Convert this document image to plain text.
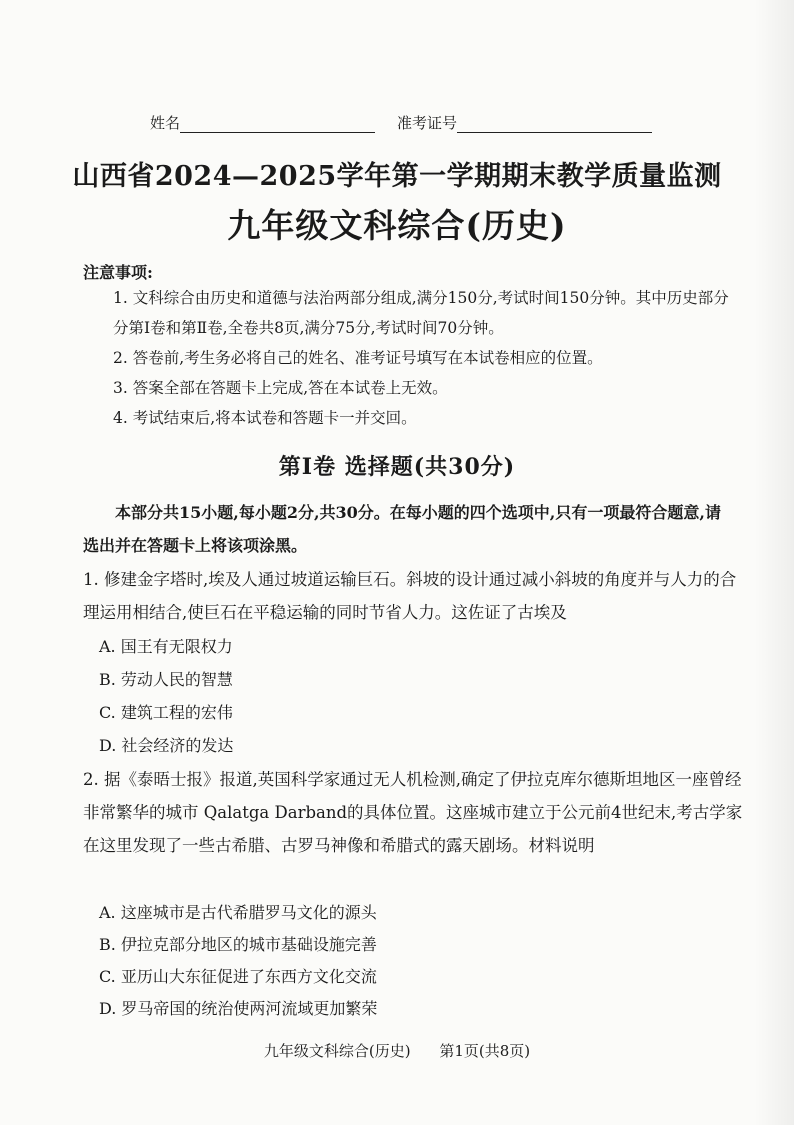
姓名	准考证号
山西省2024—2025学年第一学期期末教学质量监测
九年级文科综合(历史)
注意事项:
1. 文科综合由历史和道德与法治两部分组成,满分150分,考试时间150分钟。其中历史部分分第Ⅰ卷和第Ⅱ卷,全卷共8页,满分75分,考试时间70分钟。
2. 答卷前,考生务必将自己的姓名、准考证号填写在本试卷相应的位置。
3. 答案全部在答题卡上完成,答在本试卷上无效。
4. 考试结束后,将本试卷和答题卡一并交回。
第Ⅰ卷 选择题(共30分)
本部分共15小题,每小题2分,共30分。在每小题的四个选项中,只有一项最符合题意,请选出并在答题卡上将该项涂黑。
1. 修建金字塔时,埃及人通过坡道运输巨石。斜坡的设计通过减小斜坡的角度并与人力的合理运用相结合,使巨石在平稳运输的同时节省人力。这佐证了古埃及
A. 国王有无限权力
B. 劳动人民的智慧
C. 建筑工程的宏伟
D. 社会经济的发达
2. 据《泰晤士报》报道,英国科学家通过无人机检测,确定了伊拉克库尔德斯坦地区一座曾经非常繁华的城市 Qalatga Darband的具体位置。这座城市建立于公元前4世纪末,考古学家在这里发现了一些古希腊、古罗马神像和希腊式的露天剧场。材料说明
A. 这座城市是古代希腊罗马文化的源头
B. 伊拉克部分地区的城市基础设施完善
C. 亚历山大东征促进了东西方文化交流
D. 罗马帝国的统治使两河流域更加繁荣
九年级文科综合(历史) 第1页(共8页)
